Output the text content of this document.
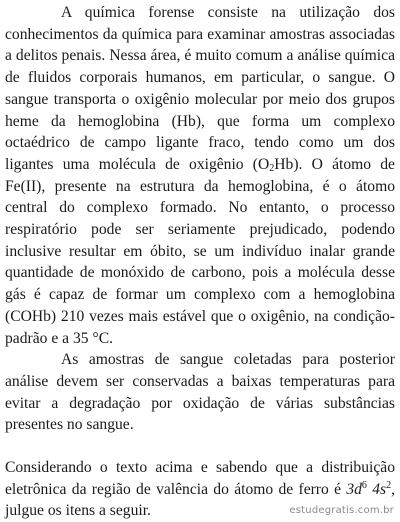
A química forense consiste na utilização dos conhecimentos da química para examinar amostras associadas a delitos penais. Nessa área, é muito comum a análise química de fluidos corporais humanos, em particular, o sangue. O sangue transporta o oxigênio molecular por meio dos grupos heme da hemoglobina (Hb), que forma um complexo octaédrico de campo ligante fraco, tendo como um dos ligantes uma molécula de oxigênio $(O_2Hb)$. O átomo de Fe(II), presente na estrutura da hemoglobina, é o átomo central do complexo formado. No entanto, o processo respiratório pode ser seriamente prejudicado, podendo inclusive resultar em óbito, se um indivíduo inalar grande quantidade de monóxido de carbono, pois a molécula desse gás é capaz de formar um complexo com a hemoglobina (COHb) 210 vezes mais estável que o oxigênio, na condição-padrão e a 35 °C.

As amostras de sangue coletadas para posterior análise devem ser conservadas a baixas temperaturas para evitar a degradação por oxidação de várias substâncias presentes no sangue.

Considerando o texto acima e sabendo que a distribuição eletrônica da região de valência do átomo de ferro é $3d^6$ $4s^2$, julgue os itens a seguir.	estudegratis.com.br
